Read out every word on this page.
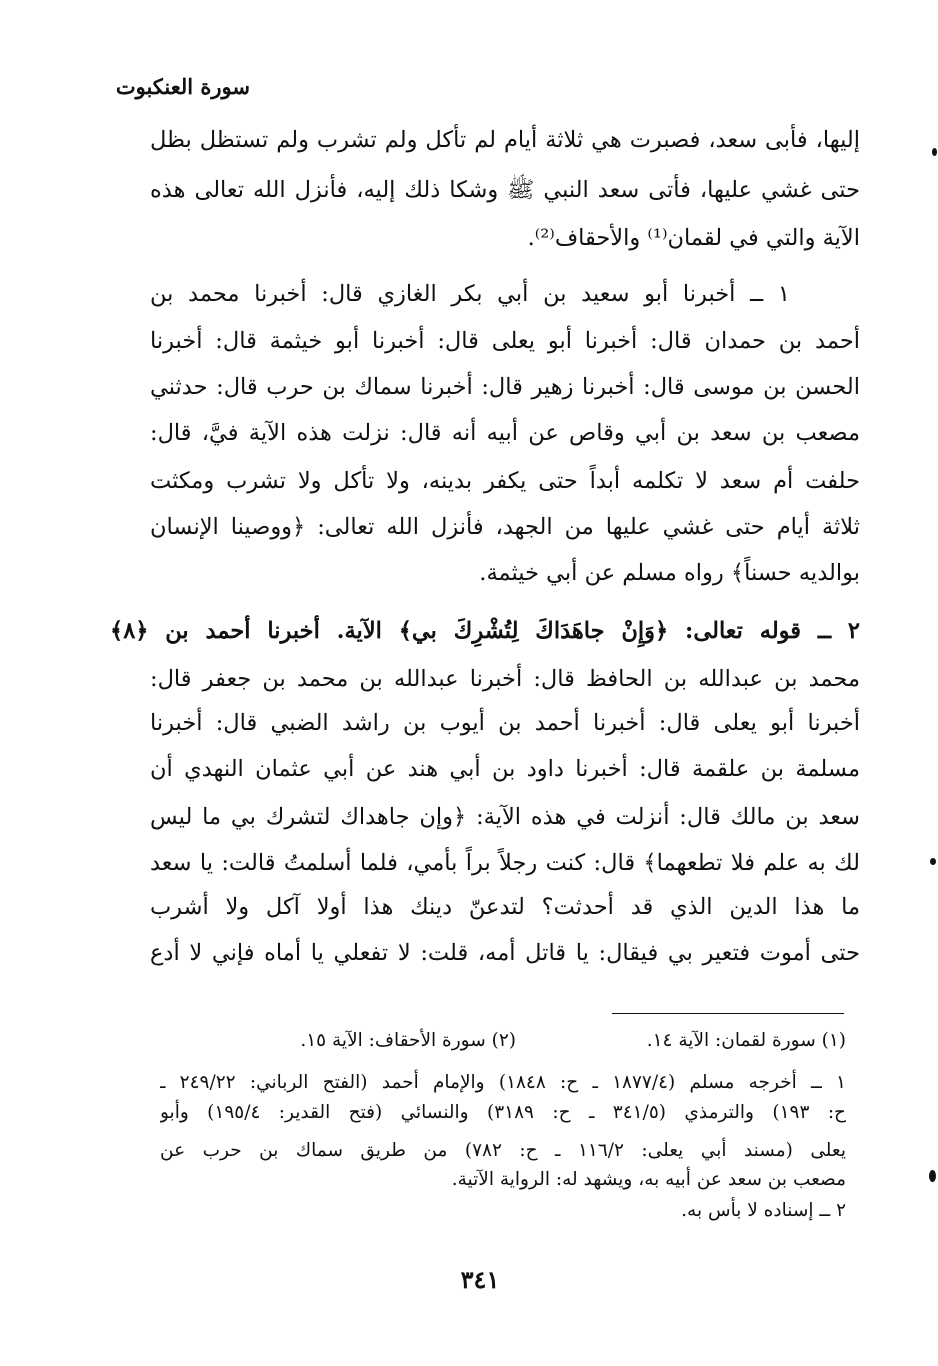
سورة العنكبوت
إليها، فأبى سعد، فصبرت هي ثلاثة أيام لم تأكل ولم تشرب ولم تستظل بظل
حتى غشي عليها، فأتى سعد النبي ﷺ وشكا ذلك إليه، فأنزل الله تعالى هذه
الآية والتي في لقمان⁽¹⁾ والأحقاف⁽²⁾.
١ ــ أخبرنا أبو سعيد بن أبي بكر الغازي قال: أخبرنا محمد بن
أحمد بن حمدان قال: أخبرنا أبو يعلى قال: أخبرنا أبو خيثمة قال: أخبرنا
الحسن بن موسى قال: أخبرنا زهير قال: أخبرنا سماك بن حرب قال: حدثني
مصعب بن سعد بن أبي وقاص عن أبيه أنه قال: نزلت هذه الآية فيَّ، قال:
حلفت أم سعد لا تكلمه أبداً حتى يكفر بدينه، ولا تأكل ولا تشرب ومكثت
ثلاثة أيام حتى غشي عليها من الجهد، فأنزل الله تعالى: ﴿ووصينا الإنسان
بوالديه حسناً﴾ رواه مسلم عن أبي خيثمة.
٢ ــ قوله تعالى: ﴿وَإِنْ جاهَدَاكَ لِتُشْرِكَ بي﴾ الآية. أخبرنا أحمد بن ﴿٨﴾
محمد بن عبدالله بن الحافظ قال: أخبرنا عبدالله بن محمد بن جعفر قال:
أخبرنا أبو يعلى قال: أخبرنا أحمد بن أيوب بن راشد الضبي قال: أخبرنا
مسلمة بن علقمة قال: أخبرنا داود بن أبي هند عن أبي عثمان النهدي أن
سعد بن مالك قال: أنزلت في هذه الآية: ﴿وإن جاهداك لتشرك بي ما ليس
لك به علم فلا تطعهما﴾ قال: كنت رجلاً براً بأمي، فلما أسلمتُ قالت: يا سعد
ما هذا الدين الذي قد أحدثت؟ لتدعنّ دينك هذا أولا آكل ولا أشرب
حتى أموت فتعير بي فيقال: يا قاتل أمه، قلت: لا تفعلي يا أماه فإني لا أدع
(١) سورة لقمان: الآية ١٤.
(٢) سورة الأحقاف: الآية ١٥.
١ ــ أخرجه مسلم (١٨٧٧/٤ ـ ح: ١٨٤٨) والإمام أحمد (الفتح الرباني: ٢٤٩/٢٢ ـ
ح: ١٩٣) والترمذي (٣٤١/٥ ـ ح: ٣١٨٩) والنسائي (فتح القدير: ١٩٥/٤) وأبو
يعلى (مسند أبي يعلى: ١١٦/٢ ـ ح: ٧٨٢) من طريق سماك بن حرب عن
مصعب بن سعد عن أبيه به، ويشهد له: الرواية الآتية.
٢ ــ إسناده لا بأس به.
٣٤١
